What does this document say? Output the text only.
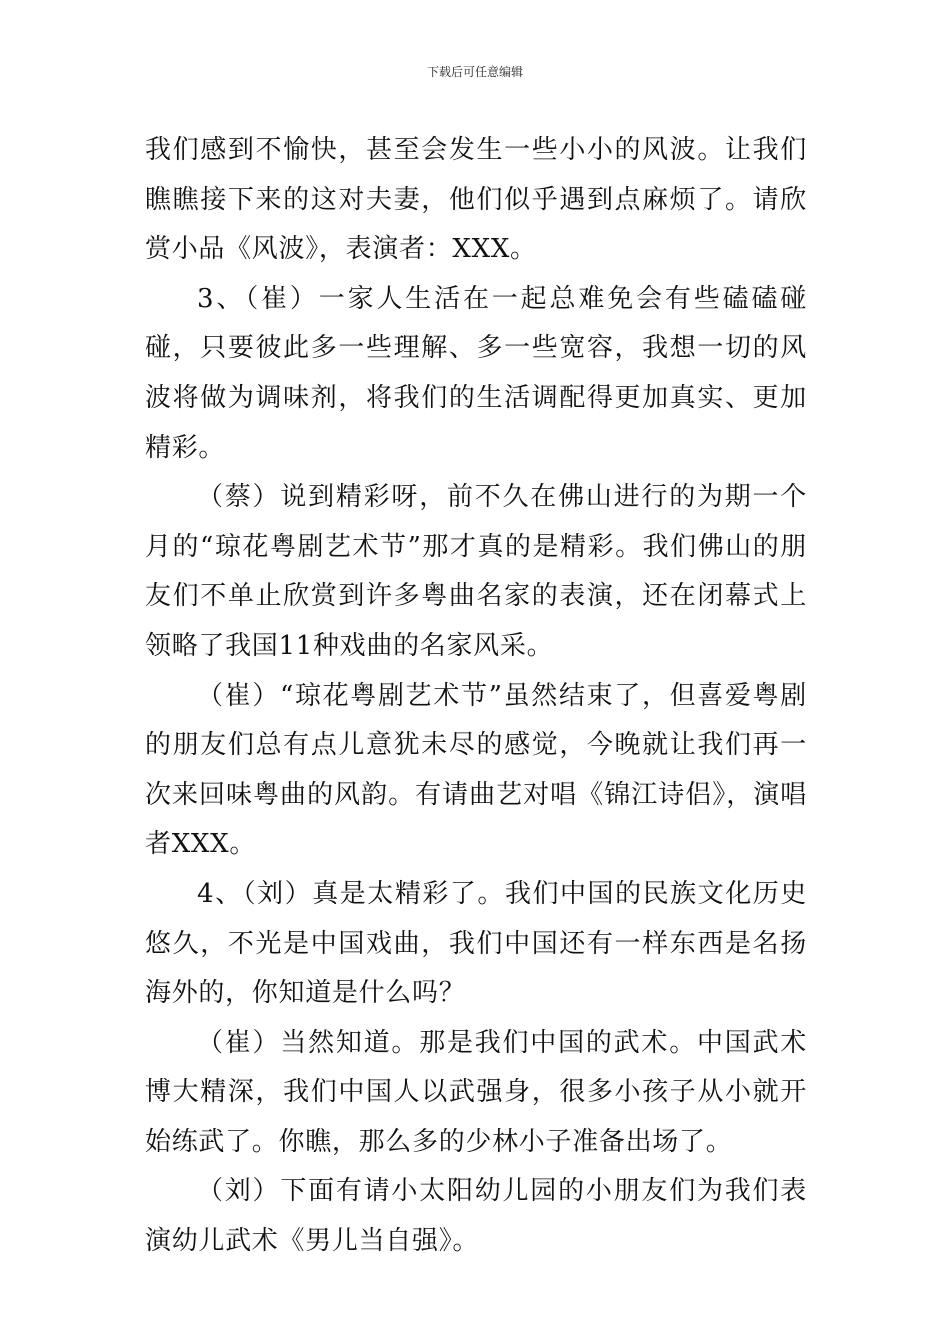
下载后可任意编辑

我们感到不愉快，甚至会发生一些小小的风波。让我们瞧瞧接下来的这对夫妻，他们似乎遇到点麻烦了。请欣赏小品《风波》，表演者：XXX。

3、（崔）一家人生活在一起总难免会有些磕磕碰碰，只要彼此多一些理解、多一些宽容，我想一切的风波将做为调味剂，将我们的生活调配得更加真实、更加精彩。

（蔡）说到精彩呀，前不久在佛山进行的为期一个月的“琼花粤剧艺术节”那才真的是精彩。我们佛山的朋友们不单止欣赏到许多粤曲名家的表演，还在闭幕式上领略了我国11种戏曲的名家风采。

（崔）“琼花粤剧艺术节”虽然结束了，但喜爱粤剧的朋友们总有点儿意犹未尽的感觉，今晚就让我们再一次来回味粤曲的风韵。有请曲艺对唱《锦江诗侣》，演唱者XXX。

4、（刘）真是太精彩了。我们中国的民族文化历史悠久，不光是中国戏曲，我们中国还有一样东西是名扬海外的，你知道是什么吗？

（崔）当然知道。那是我们中国的武术。中国武术博大精深，我们中国人以武强身，很多小孩子从小就开始练武了。你瞧，那么多的少林小子准备出场了。

（刘）下面有请小太阳幼儿园的小朋友们为我们表演幼儿武术《男儿当自强》。
